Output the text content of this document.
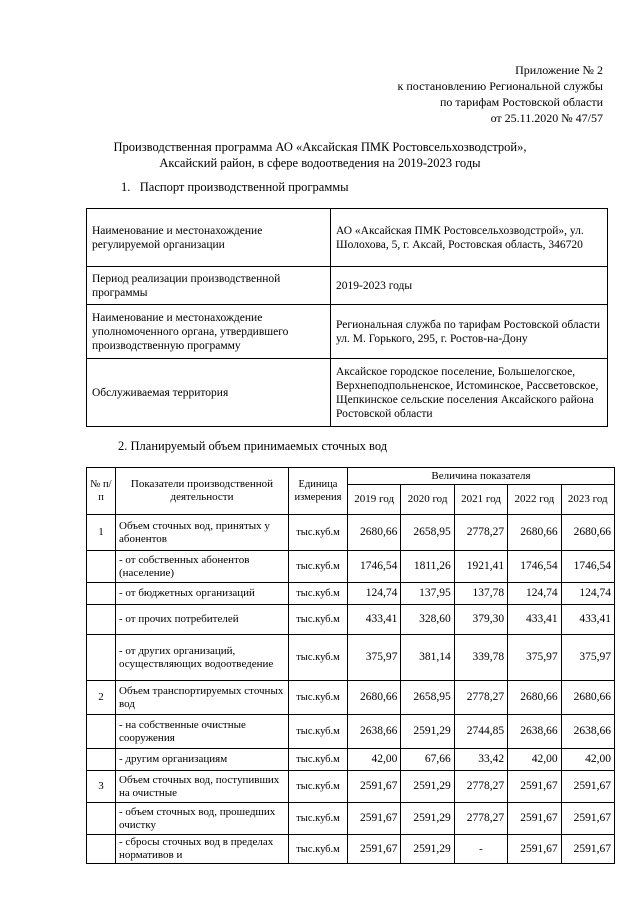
Приложение № 2
к постановлению Региональной службы
по тарифам Ростовской области
от 25.11.2020 № 47/57
Производственная программа АО «Аксайская ПМК Ростовсельхозводстрой»,
Аксайский район, в сфере водоотведения на 2019-2023 годы
1. Паспорт производственной программы
Наименование и местонахождение регулируемой организации	АО «Аксайская ПМК Ростовсельхозводстрой», ул. Шолохова, 5, г. Аксай, Ростовская область, 346720
Период реализации производственной программы	2019-2023 годы
Наименование и местонахождение уполномоченного органа, утвердившего производственную программу	Региональная служба по тарифам Ростовской области ул. М. Горького, 295, г. Ростов-на-Дону
Обслуживаемая территория	Аксайское городское поселение, Большелогское, Верхнеподпольненское, Истоминское, Рассветовское, Щепкинское сельские поселения Аксайского района Ростовской области
2. Планируемый объем принимаемых сточных вод
№ п/п	Показатели производственной деятельности	Единица измерения	Величина показателя				
			2019 год	2020 год	2021 год	2022 год	2023 год
1	Объем сточных вод, принятых у абонентов	тыс.куб.м	2680,66	2658,95	2778,27	2680,66	2680,66
	- от собственных абонентов (население)	тыс.куб.м	1746,54	1811,26	1921,41	1746,54	1746,54
	- от бюджетных организаций	тыс.куб.м	124,74	137,95	137,78	124,74	124,74
	- от прочих потребителей	тыс.куб.м	433,41	328,60	379,30	433,41	433,41
	- от других организаций, осуществляющих водоотведение	тыс.куб.м	375,97	381,14	339,78	375,97	375,97
2	Объем транспортируемых сточных вод	тыс.куб.м	2680,66	2658,95	2778,27	2680,66	2680,66
	- на собственные очистные сооружения	тыс.куб.м	2638,66	2591,29	2744,85	2638,66	2638,66
	- другим организациям	тыс.куб.м	42,00	67,66	33,42	42,00	42,00
3	Объем сточных вод, поступивших на очистные	тыс.куб.м	2591,67	2591,29	2778,27	2591,67	2591,67
	- объем сточных вод, прошедших очистку	тыс.куб.м	2591,67	2591,29	2778,27	2591,67	2591,67
	- сбросы сточных вод в пределах нормативов и	тыс.куб.м	2591,67	2591,29	-	2591,67	2591,67
